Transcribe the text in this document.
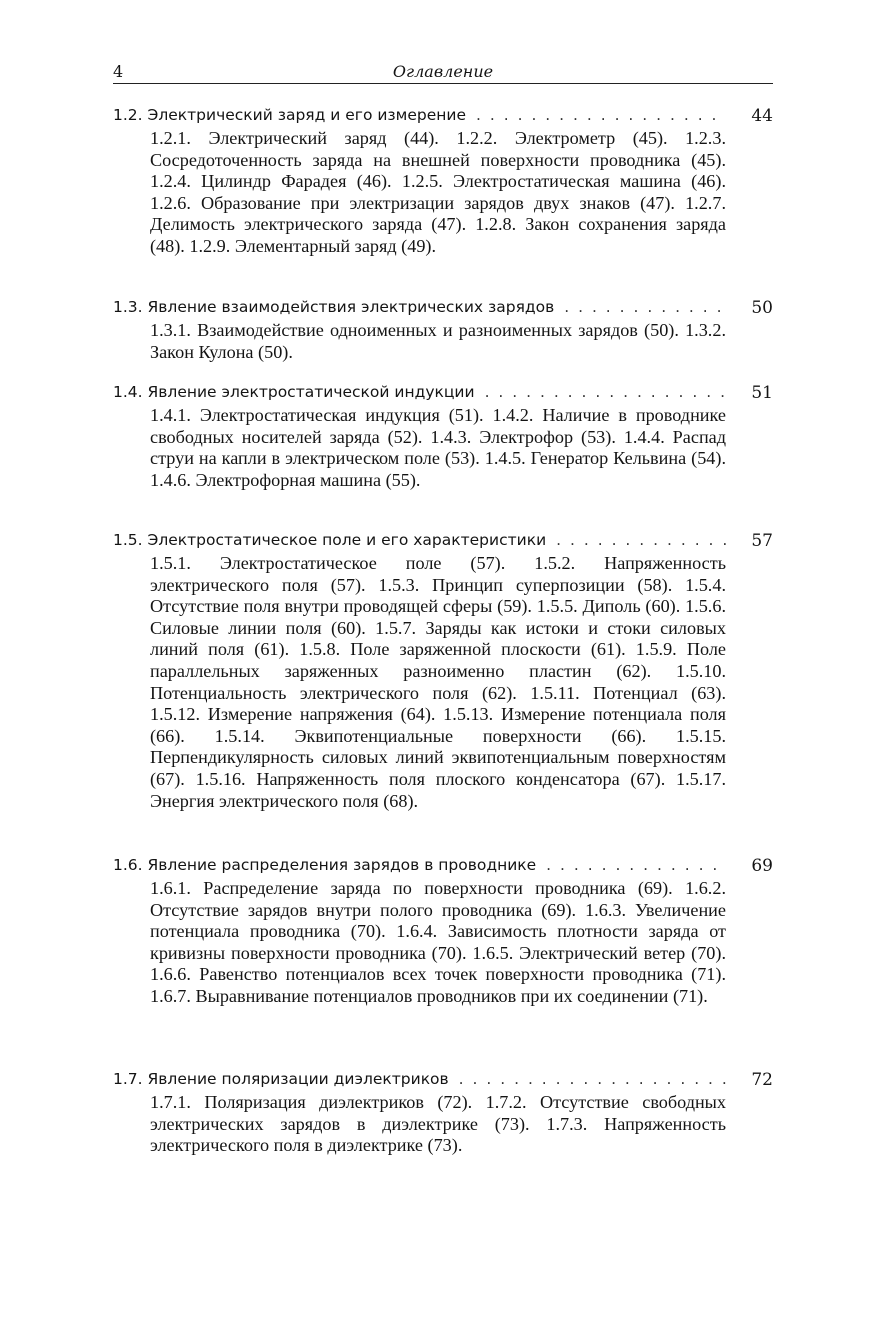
4	Оглавление
1.2. Электрический заряд и его измерение . . .	44

1.2.1. Электрический заряд (44). 1.2.2. Электрометр (45). 1.2.3. Сосредоточенность заряда на внешней поверхности проводника (45). 1.2.4. Цилиндр Фарадея (46). 1.2.5. Электростатическая машина (46). 1.2.6. Образование при электризации зарядов двух знаков (47). 1.2.7. Делимость электрического заряда (47). 1.2.8. Закон сохранения заряда (48). 1.2.9. Элементарный заряд (49).

1.3. Явление взаимодействия электрических зарядов . . .	50

1.3.1. Взаимодействие одноименных и разноименных зарядов (50). 1.3.2. Закон Кулона (50).

1.4. Явление электростатической индукции . . .	51

1.4.1. Электростатическая индукция (51). 1.4.2. Наличие в проводнике свободных носителей заряда (52). 1.4.3. Электрофор (53). 1.4.4. Распад струи на капли в электрическом поле (53). 1.4.5. Генератор Кельвина (54). 1.4.6. Электрофорная машина (55).

1.5. Электростатическое поле и его характеристики . . .	57

1.5.1. Электростатическое поле (57). 1.5.2. Напряженность электрического поля (57). 1.5.3. Принцип суперпозиции (58). 1.5.4. Отсутствие поля внутри проводящей сферы (59). 1.5.5. Диполь (60). 1.5.6. Силовые линии поля (60). 1.5.7. Заряды как истоки и стоки силовых линий поля (61). 1.5.8. Поле заряженной плоскости (61). 1.5.9. Поле параллельных заряженных разноименно пластин (62). 1.5.10. Потенциальность электрического поля (62). 1.5.11. Потенциал (63). 1.5.12. Измерение напряжения (64). 1.5.13. Измерение потенциала поля (66). 1.5.14. Эквипотенциальные поверхности (66). 1.5.15. Перпендикулярность силовых линий эквипотенциальным поверхностям (67). 1.5.16. Напряженность поля плоского конденсатора (67). 1.5.17. Энергия электрического поля (68).

1.6. Явление распределения зарядов в проводнике . . .	69

1.6.1. Распределение заряда по поверхности проводника (69). 1.6.2. Отсутствие зарядов внутри полого проводника (69). 1.6.3. Увеличение потенциала проводника (70). 1.6.4. Зависимость плотности заряда от кривизны поверхности проводника (70). 1.6.5. Электрический ветер (70). 1.6.6. Равенство потенциалов всех точек поверхности проводника (71). 1.6.7. Выравнивание потенциалов проводников при их соединении (71).

1.7. Явление поляризации диэлектриков . . .	72

1.7.1. Поляризация диэлектриков (72). 1.7.2. Отсутствие свободных электрических зарядов в диэлектрике (73). 1.7.3. Напряженность электрического поля в диэлектрике (73).
